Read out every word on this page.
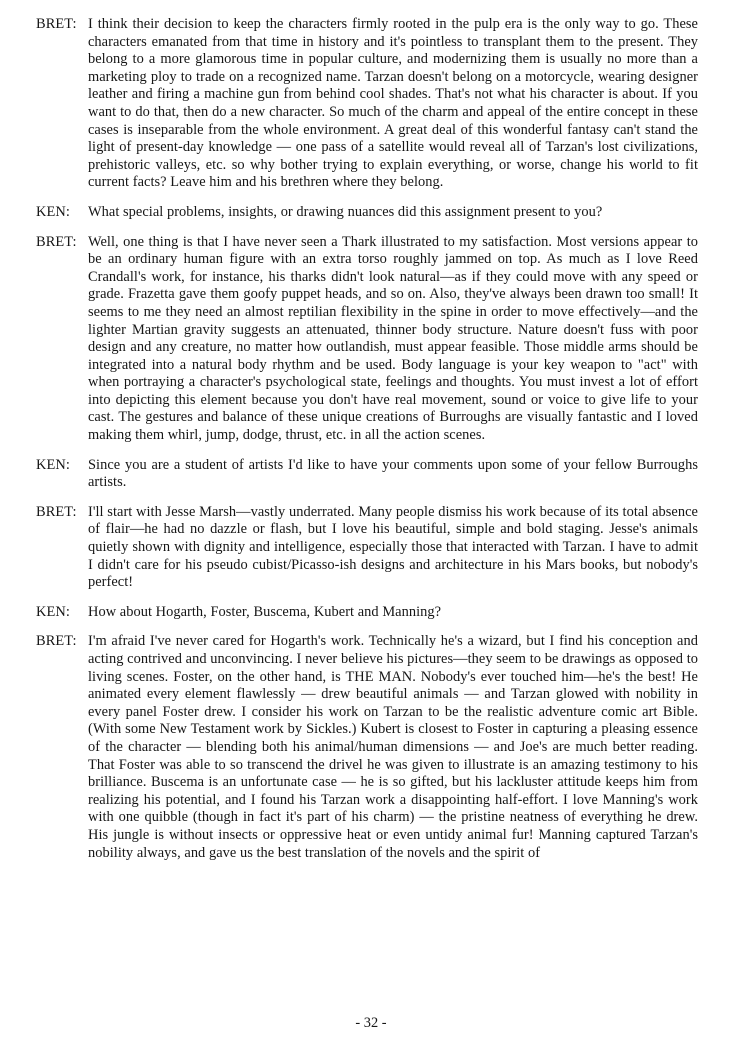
BRET: I think their decision to keep the characters firmly rooted in the pulp era is the only way to go. These characters emanated from that time in history and it's pointless to transplant them to the present. They belong to a more glamorous time in popular culture, and modernizing them is usually no more than a marketing ploy to trade on a recognized name. Tarzan doesn't belong on a motorcycle, wearing designer leather and firing a machine gun from behind cool shades. That's not what his character is about. If you want to do that, then do a new character. So much of the charm and appeal of the entire concept in these cases is inseparable from the whole environment. A great deal of this wonderful fantasy can't stand the light of present-day knowledge — one pass of a satellite would reveal all of Tarzan's lost civilizations, prehistoric valleys, etc. so why bother trying to explain everything, or worse, change his world to fit current facts? Leave him and his brethren where they belong.

KEN:	What special problems, insights, or drawing nuances did this assignment present to you?

BRET: Well, one thing is that I have never seen a Thark illustrated to my satisfaction. Most versions appear to be an ordinary human figure with an extra torso roughly jammed on top. As much as I love Reed Crandall's work, for instance, his tharks didn't look natural—as if they could move with any speed or grade. Frazetta gave them goofy puppet heads, and so on. Also, they've always been drawn too small! It seems to me they need an almost reptilian flexibility in the spine in order to move effectively—and the lighter Martian gravity suggests an attenuated, thinner body structure. Nature doesn't fuss with poor design and any creature, no matter how outlandish, must appear feasible. Those middle arms should be integrated into a natural body rhythm and be used. Body language is your key weapon to "act" with when portraying a character's psychological state, feelings and thoughts. You must invest a lot of effort into depicting this element because you don't have real movement, sound or voice to give life to your cast. The gestures and balance of these unique creations of Burroughs are visually fantastic and I loved making them whirl, jump, dodge, thrust, etc. in all the action scenes.

KEN:	Since you are a student of artists I'd like to have your comments upon some of your fellow Burroughs artists.

BRET: I'll start with Jesse Marsh—vastly underrated. Many people dismiss his work because of its total absence of flair—he had no dazzle or flash, but I love his beautiful, simple and bold staging. Jesse's animals quietly shown with dignity and intelligence, especially those that interacted with Tarzan. I have to admit I didn't care for his pseudo cubist/Picasso-ish designs and architecture in his Mars books, but nobody's perfect!

KEN:	How about Hogarth, Foster, Buscema, Kubert and Manning?

BRET: I'm afraid I've never cared for Hogarth's work. Technically he's a wizard, but I find his conception and acting contrived and unconvincing. I never believe his pictures—they seem to be drawings as opposed to living scenes. Foster, on the other hand, is THE MAN. Nobody's ever touched him—he's the best! He animated every element flawlessly — drew beautiful animals — and Tarzan glowed with nobility in every panel Foster drew. I consider his work on Tarzan to be the realistic adventure comic art Bible. (With some New Testament work by Sickles.) Kubert is closest to Foster in capturing a pleasing essence of the character — blending both his animal/human dimensions — and Joe's are much better reading. That Foster was able to so transcend the drivel he was given to illustrate is an amazing testimony to his brilliance. Buscema is an unfortunate case — he is so gifted, but his lackluster attitude keeps him from realizing his potential, and I found his Tarzan work a disappointing half-effort. I love Manning's work with one quibble (though in fact it's part of his charm) — the pristine neatness of everything he drew. His jungle is without insects or oppressive heat or even untidy animal fur! Manning captured Tarzan's nobility always, and gave us the best translation of the novels and the spirit of

- 32 -
